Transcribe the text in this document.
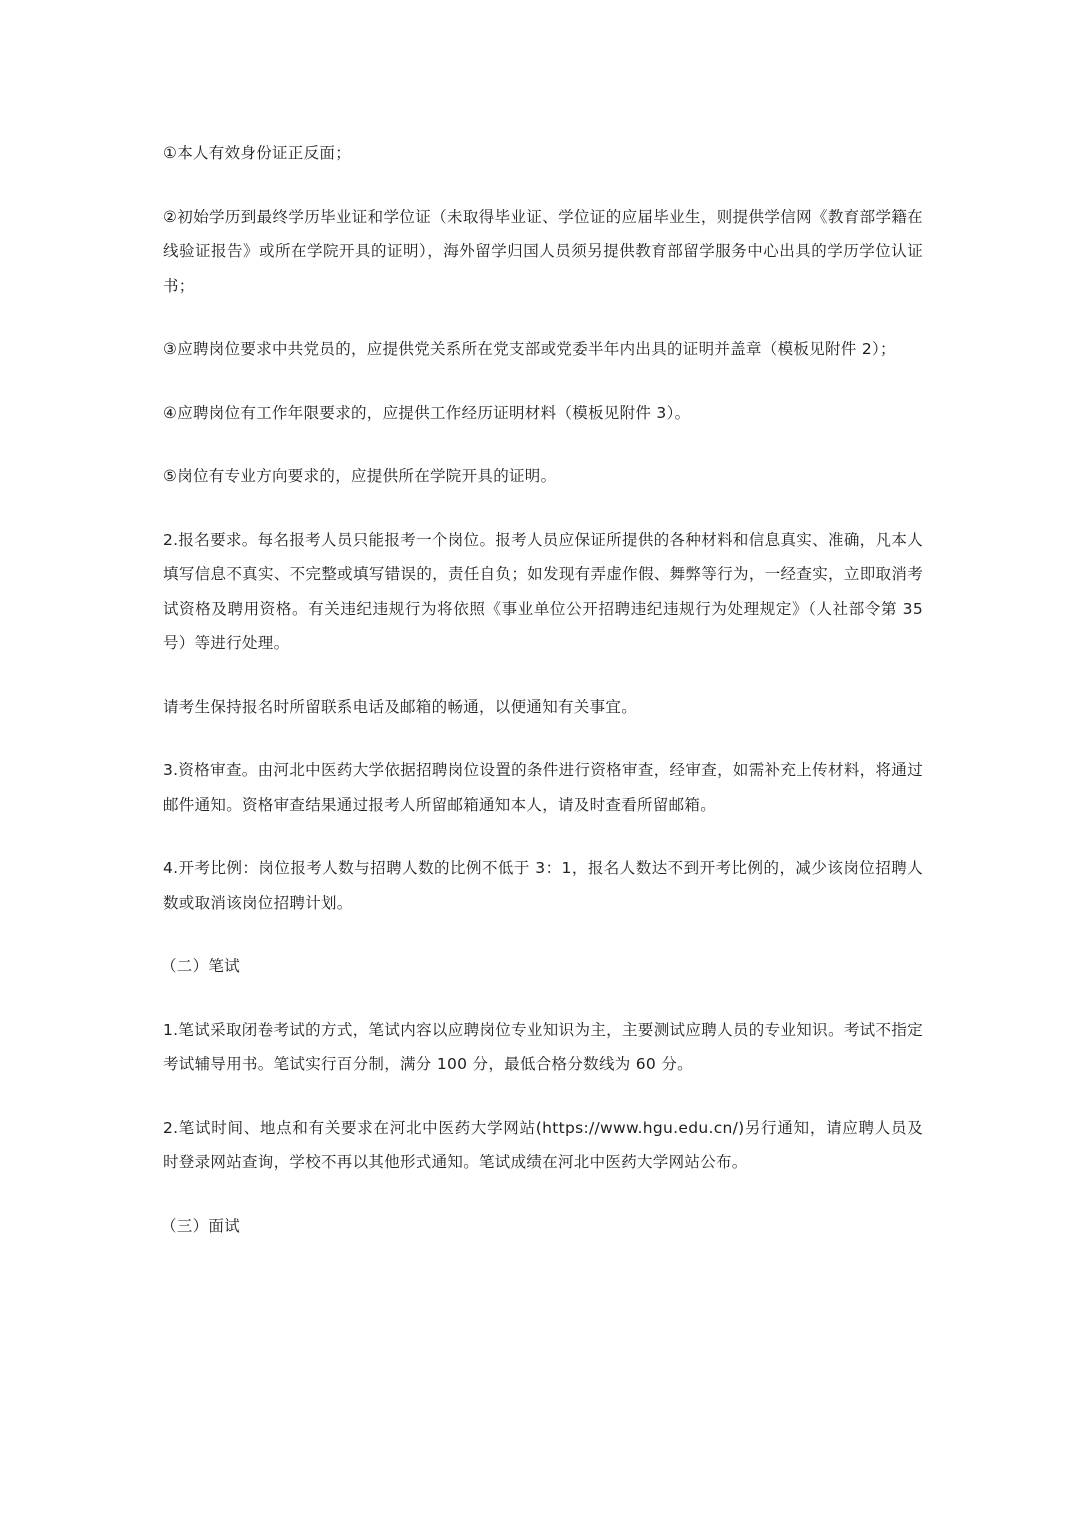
①本人有效身份证正反面；

②初始学历到最终学历毕业证和学位证（未取得毕业证、学位证的应届毕业生，则提供学信网《教育部学籍在线验证报告》或所在学院开具的证明），海外留学归国人员须另提供教育部留学服务中心出具的学历学位认证书；

③应聘岗位要求中共党员的，应提供党关系所在党支部或党委半年内出具的证明并盖章（模板见附件 2）；

④应聘岗位有工作年限要求的，应提供工作经历证明材料（模板见附件 3）。

⑤岗位有专业方向要求的，应提供所在学院开具的证明。

2.报名要求。每名报考人员只能报考一个岗位。报考人员应保证所提供的各种材料和信息真实、准确，凡本人填写信息不真实、不完整或填写错误的，责任自负；如发现有弄虚作假、舞弊等行为，一经查实，立即取消考试资格及聘用资格。有关违纪违规行为将依照《事业单位公开招聘违纪违规行为处理规定》（人社部令第 35 号）等进行处理。

请考生保持报名时所留联系电话及邮箱的畅通，以便通知有关事宜。

3.资格审查。由河北中医药大学依据招聘岗位设置的条件进行资格审查，经审查，如需补充上传材料，将通过邮件通知。资格审查结果通过报考人所留邮箱通知本人，请及时查看所留邮箱。

4.开考比例：岗位报考人数与招聘人数的比例不低于 3：1，报名人数达不到开考比例的，减少该岗位招聘人数或取消该岗位招聘计划。

（二）笔试

1.笔试采取闭卷考试的方式，笔试内容以应聘岗位专业知识为主，主要测试应聘人员的专业知识。考试不指定考试辅导用书。笔试实行百分制，满分 100 分，最低合格分数线为 60 分。

2.笔试时间、地点和有关要求在河北中医药大学网站(https://www.hgu.edu.cn/)另行通知，请应聘人员及时登录网站查询，学校不再以其他形式通知。笔试成绩在河北中医药大学网站公布。

（三）面试
